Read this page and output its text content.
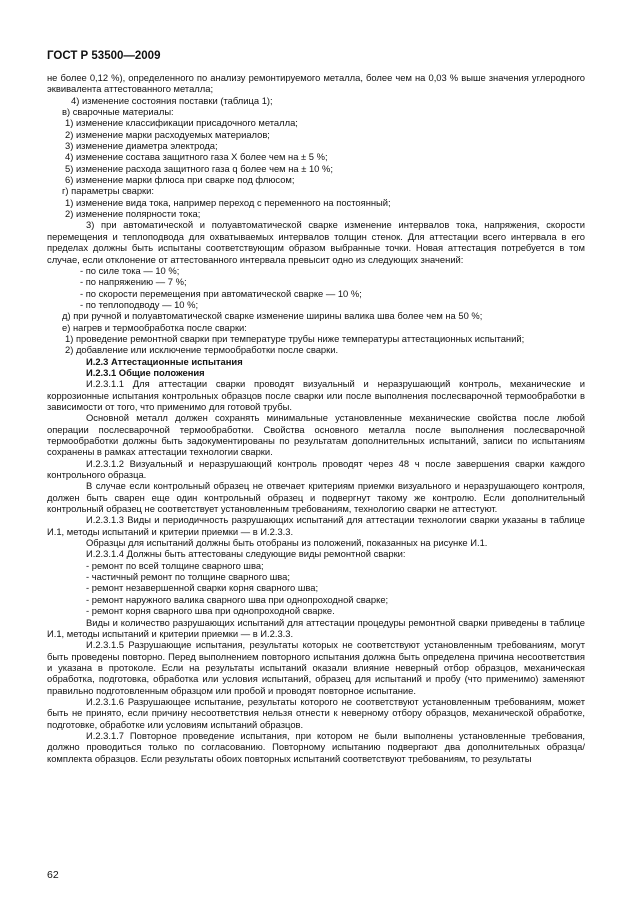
ГОСТ Р 53500—2009

не более 0,12 %), определенного по анализу ремонтируемого металла, более чем на 0,03 % выше значения углеродного эквивалента аттестованного металла;

4) изменение состояния поставки (таблица 1);

в) сварочные материалы:

1) изменение классификации присадочного металла;

2) изменение марки расходуемых материалов;

3) изменение диаметра электрода;

4) изменение состава защитного газа X более чем на ± 5 %;

5) изменение расхода защитного газа q более чем на ± 10 %;

6) изменение марки флюса при сварке под флюсом;

г) параметры сварки:

1) изменение вида тока, например переход с переменного на постоянный;

2) изменение полярности тока;

3) при автоматической и полуавтоматической сварке изменение интервалов тока, напряжения, скорости перемещения и теплоподвода для охватываемых интервалов толщин стенок. Для аттестации всего интервала в его пределах должны быть испытаны соответствующим образом выбранные точки. Новая аттестация потребуется в том случае, если отклонение от аттестованного интервала превысит одно из следующих значений:

- по силе тока — 10 %;

- по напряжению — 7 %;

- по скорости перемещения при автоматической сварке — 10 %;

- по теплоподводу — 10 %;

д) при ручной и полуавтоматической сварке изменение ширины валика шва более чем на 50 %;

е) нагрев и термообработка после сварки:

1) проведение ремонтной сварки при температуре трубы ниже температуры аттестационных испытаний;

2) добавление или исключение термообработки после сварки.

И.2.3 Аттестационные испытания

И.2.3.1 Общие положения

И.2.3.1.1 Для аттестации сварки проводят визуальный и неразрушающий контроль, механические и коррозионные испытания контрольных образцов после сварки или после выполнения послесварочной термообработки в зависимости от того, что применимо для готовой трубы.

Основной металл должен сохранять минимальные установленные механические свойства после любой операции послесварочной термообработки. Свойства основного металла после выполнения послесварочной термообработки должны быть задокументированы по результатам дополнительных испытаний, записи по испытаниям сохранены в рамках аттестации технологии сварки.

И.2.3.1.2 Визуальный и неразрушающий контроль проводят через 48 ч после завершения сварки каждого контрольного образца.

В случае если контрольный образец не отвечает критериям приемки визуального и неразрушающего контроля, должен быть сварен еще один контрольный образец и подвергнут такому же контролю. Если дополнительный контрольный образец не соответствует установленным требованиям, технологию сварки не аттестуют.

И.2.3.1.3 Виды и периодичность разрушающих испытаний для аттестации технологии сварки указаны в таблице И.1, методы испытаний и критерии приемки — в И.2.3.3.

Образцы для испытаний должны быть отобраны из положений, показанных на рисунке И.1.

И.2.3.1.4 Должны быть аттестованы следующие виды ремонтной сварки:

- ремонт по всей толщине сварного шва;

- частичный ремонт по толщине сварного шва;

- ремонт незавершенной сварки корня сварного шва;

- ремонт наружного валика сварного шва при однопроходной сварке;

- ремонт корня сварного шва при однопроходной сварке.

Виды и количество разрушающих испытаний для аттестации процедуры ремонтной сварки приведены в таблице И.1, методы испытаний и критерии приемки — в И.2.3.3.

И.2.3.1.5 Разрушающие испытания, результаты которых не соответствуют установленным требованиям, могут быть проведены повторно. Перед выполнением повторного испытания должна быть определена причина несоответствия и указана в протоколе. Если на результаты испытаний оказали влияние неверный отбор образцов, механическая обработка, подготовка, обработка или условия испытаний, образец для испытаний и пробу (что применимо) заменяют правильно подготовленным образцом или пробой и проводят повторное испытание.

И.2.3.1.6 Разрушающее испытание, результаты которого не соответствуют установленным требованиям, может быть не принято, если причину несоответствия нельзя отнести к неверному отбору образцов, механической обработке, подготовке, обработке или условиям испытаний образцов.

И.2.3.1.7 Повторное проведение испытания, при котором не были выполнены установленные требования, должно проводиться только по согласованию. Повторному испытанию подвергают два дополнительных образца/комплекта образцов. Если результаты обоих повторных испытаний соответствуют требованиям, то результаты

62
